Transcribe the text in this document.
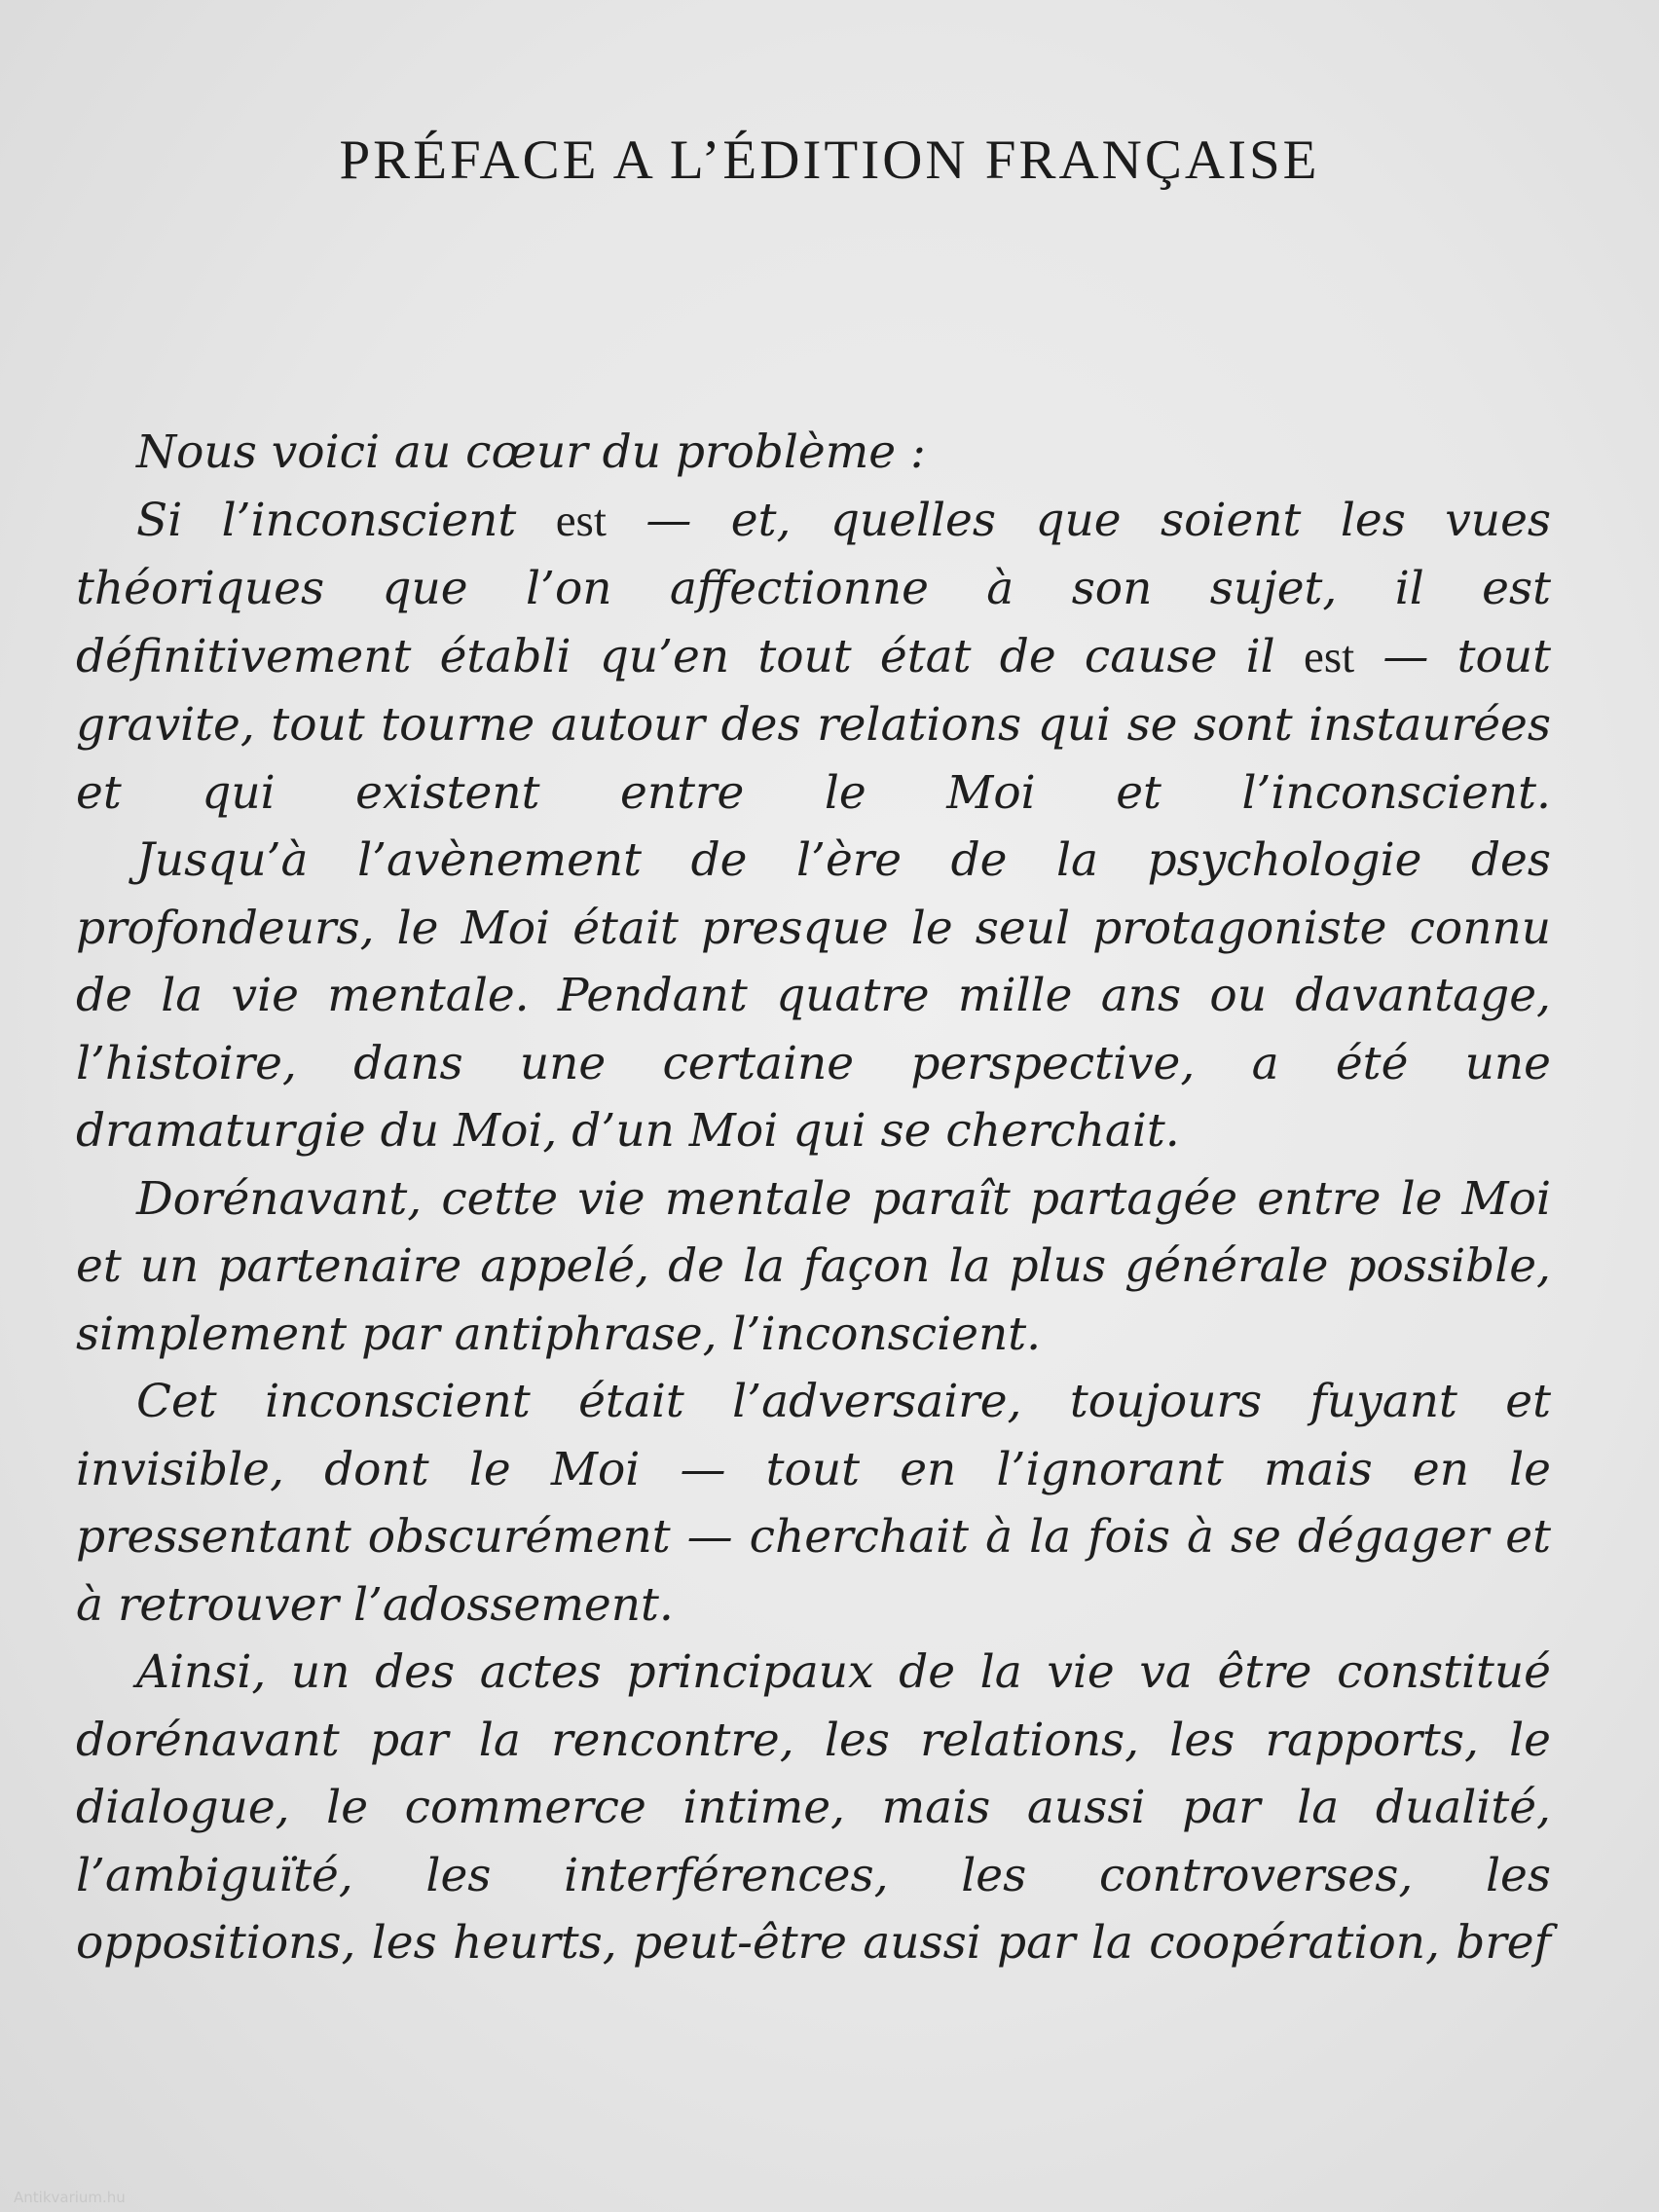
PRÉFACE A L’ÉDITION FRANÇAISE

Nous voici au cœur du problème :

Si l’inconscient est — et, quelles que soient les vues théoriques que l’on affectionne à son sujet, il est définitivement établi qu’en tout état de cause il est — tout gravite, tout tourne autour des relations qui se sont instaurées et qui existent entre le Moi et l’inconscient.

Jusqu’à l’avènement de l’ère de la psychologie des profondeurs, le Moi était presque le seul protagoniste connu de la vie mentale. Pendant quatre mille ans ou davantage, l’histoire, dans une certaine perspective, a été une dramaturgie du Moi, d’un Moi qui se cherchait.

Dorénavant, cette vie mentale paraît partagée entre le Moi et un partenaire appelé, de la façon la plus générale possible, simplement par antiphrase, l’inconscient.

Cet inconscient était l’adversaire, toujours fuyant et invisible, dont le Moi — tout en l’ignorant mais en le pressentant obscurément — cherchait à la fois à se dégager et à retrouver l’adossement.

Ainsi, un des actes principaux de la vie va être constitué dorénavant par la rencontre, les relations, les rapports, le dialogue, le commerce intime, mais aussi par la dualité, l’ambiguïté, les interférences, les controverses, les oppositions, les heurts, peut-être aussi par la coopération, bref

Antikvarium.hu
